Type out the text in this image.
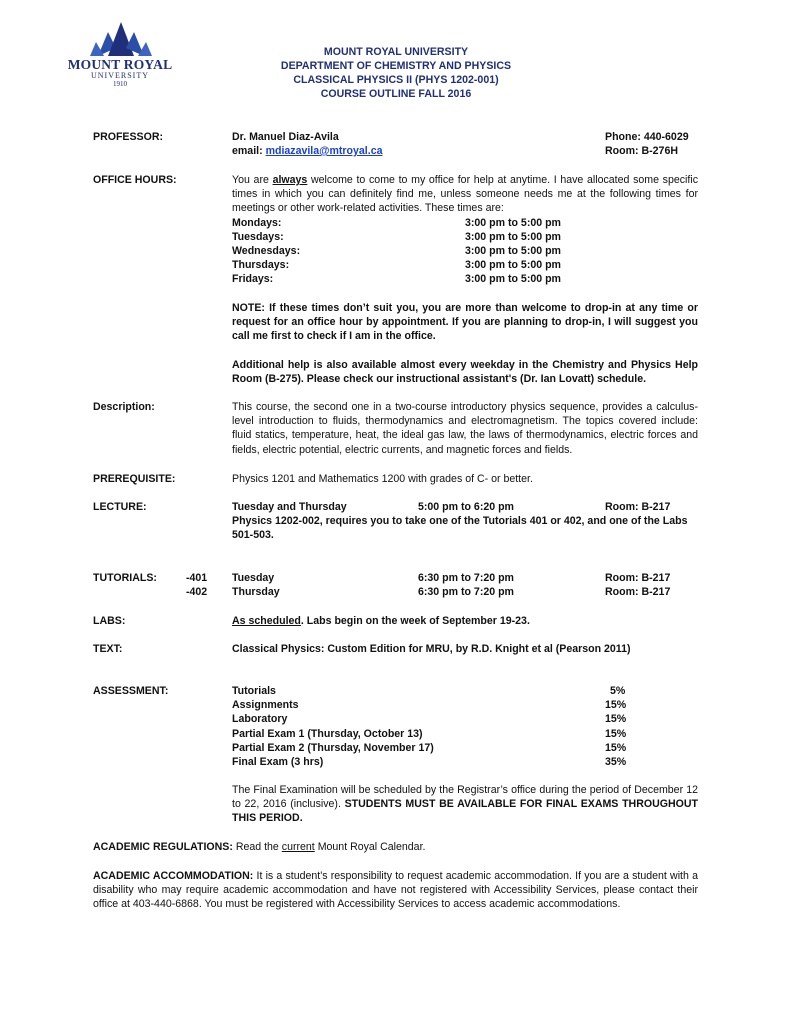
MOUNT ROYAL
UNIVERSITY
1910
MOUNT ROYAL UNIVERSITY
DEPARTMENT OF CHEMISTRY AND PHYSICS
CLASSICAL PHYSICS II (PHYS 1202-001)
COURSE OUTLINE FALL 2016
PROFESSOR:	Dr. Manuel Diaz-Avila	Phone: 440-6029
email: mdiazavila@mtroyal.ca	Room: B-276H
OFFICE HOURS:	You are always welcome to come to my office for help at anytime. I have allocated some specific times in which you can definitely find me, unless someone needs me at the following times for meetings or other work-related activities. These times are:
Mondays:	3:00 pm to 5:00 pm
Tuesdays:	3:00 pm to 5:00 pm
Wednesdays:	3:00 pm to 5:00 pm
Thursdays:	3:00 pm to 5:00 pm
Fridays:	3:00 pm to 5:00 pm
NOTE: If these times don’t suit you, you are more than welcome to drop-in at any time or request for an office hour by appointment. If you are planning to drop-in, I will suggest you call me first to check if I am in the office.
Additional help is also available almost every weekday in the Chemistry and Physics Help Room (B-275). Please check our instructional assistant's (Dr. Ian Lovatt) schedule.
Description:	This course, the second one in a two-course introductory physics sequence, provides a calculus-level introduction to fluids, thermodynamics and electromagnetism. The topics covered include: fluid statics, temperature, heat, the ideal gas law, the laws of thermodynamics, electric forces and fields, electric potential, electric currents, and magnetic forces and fields.
PREREQUISITE:	Physics 1201 and Mathematics 1200 with grades of C- or better.
LECTURE:	Tuesday and Thursday	5:00 pm to 6:20 pm	Room: B-217
Physics 1202-002, requires you to take one of the Tutorials 401 or 402, and one of the Labs 501-503.
TUTORIALS:	-401 Tuesday	6:30 pm to 7:20 pm	Room: B-217
-402 Thursday	6:30 pm to 7:20 pm	Room: B-217
LABS:	As scheduled. Labs begin on the week of September 19-23.
TEXT:	Classical Physics: Custom Edition for MRU, by R.D. Knight et al (Pearson 2011)
ASSESSMENT:	Tutorials	5%
Assignments	15%
Laboratory	15%
Partial Exam 1 (Thursday, October 13)	15%
Partial Exam 2 (Thursday, November 17)	15%
Final Exam (3 hrs)	35%
The Final Examination will be scheduled by the Registrar’s office during the period of December 12 to 22, 2016 (inclusive). STUDENTS MUST BE AVAILABLE FOR FINAL EXAMS THROUGHOUT THIS PERIOD.
ACADEMIC REGULATIONS: Read the current Mount Royal Calendar.
ACADEMIC ACCOMMODATION: It is a student's responsibility to request academic accommodation. If you are a student with a disability who may require academic accommodation and have not registered with Accessibility Services, please contact their office at 403-440-6868. You must be registered with Accessibility Services to access academic accommodations.
